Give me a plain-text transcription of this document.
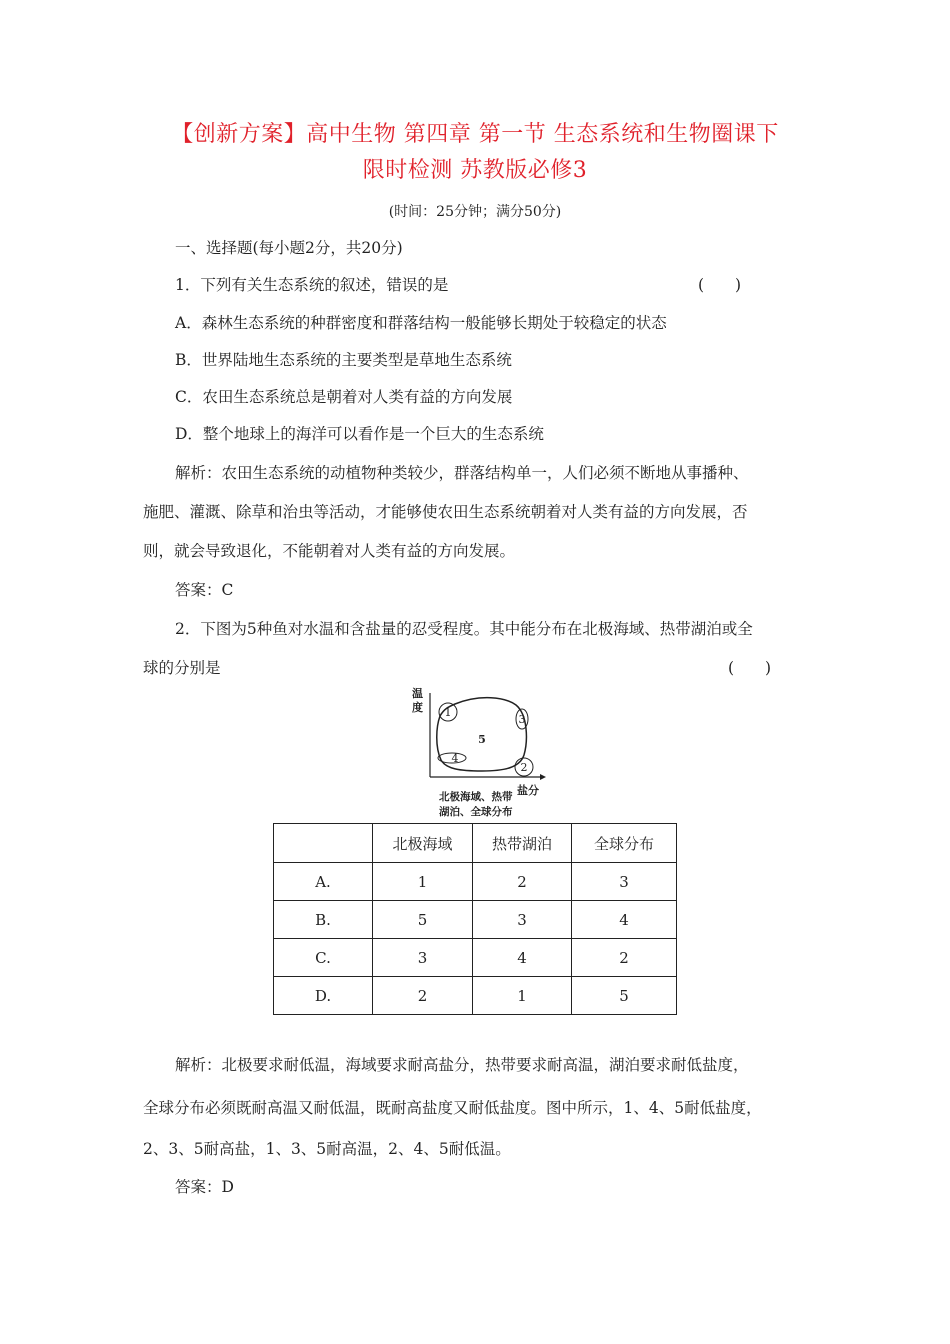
【创新方案】高中生物 第四章 第一节 生态系统和生物圈课下
限时检测 苏教版必修3
(时间：25分钟；满分50分)
一、选择题(每小题2分，共20分)
1．下列有关生态系统的叙述，错误的是	(　　)
A．森林生态系统的种群密度和群落结构一般能够长期处于较稳定的状态
B．世界陆地生态系统的主要类型是草地生态系统
C．农田生态系统总是朝着对人类有益的方向发展
D．整个地球上的海洋可以看作是一个巨大的生态系统
解析：农田生态系统的动植物种类较少，群落结构单一，人们必须不断地从事播种、
施肥、灌溉、除草和治虫等活动，才能够使农田生态系统朝着对人类有益的方向发展，否
则，就会导致退化，不能朝着对人类有益的方向发展。
答案：C
2．下图为5种鱼对水温和含盐量的忍受程度。其中能分布在北极海域、热带湖泊或全
球的分别是	(　　)
温
度
盐分
北极海域、热带
湖泊、全球分布
1
2
3
4
5
	北极海域	热带湖泊	全球分布
A.	1	2	3
B.	5	3	4
C.	3	4	2
D.	2	1	5
解析：北极要求耐低温，海域要求耐高盐分，热带要求耐高温，湖泊要求耐低盐度，
全球分布必须既耐高温又耐低温，既耐高盐度又耐低盐度。图中所示，1、4、5耐低盐度，
2、3、5耐高盐，1、3、5耐高温，2、4、5耐低温。
答案：D
